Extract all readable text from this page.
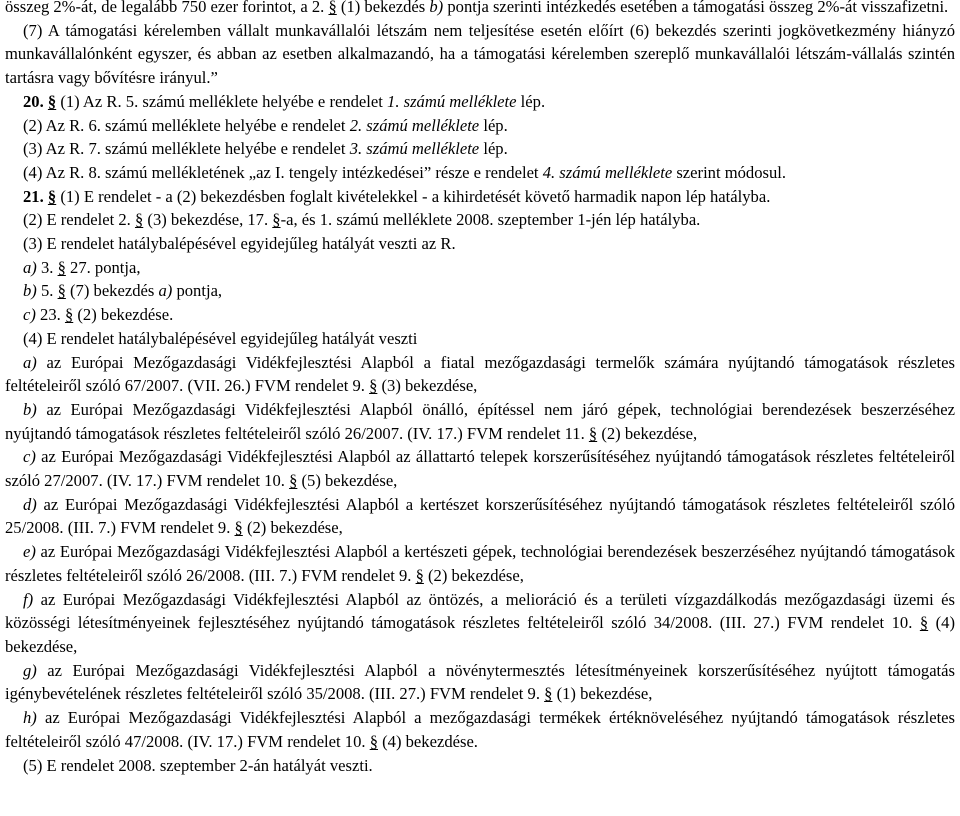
összeg 2%-át, de legalább 750 ezer forintot, a 2. § (1) bekezdés b) pontja szerinti intézkedés esetében a támogatási összeg 2%-át visszafizetni.

(7) A támogatási kérelemben vállalt munkavállalói létszám nem teljesítése esetén előírt (6) bekezdés szerinti jogkövetkezmény hiányzó munkavállalónként egyszer, és abban az esetben alkalmazandó, ha a támogatási kérelemben szereplő munkavállalói létszám-vállalás szintén tartásra vagy bővítésre irányul.”

20. § (1) Az R. 5. számú melléklete helyébe e rendelet 1. számú melléklete lép.

(2) Az R. 6. számú melléklete helyébe e rendelet 2. számú melléklete lép.

(3) Az R. 7. számú melléklete helyébe e rendelet 3. számú melléklete lép.

(4) Az R. 8. számú mellékletének „az I. tengely intézkedései” része e rendelet 4. számú melléklete szerint módosul.

21. § (1) E rendelet - a (2) bekezdésben foglalt kivételekkel - a kihirdetését követő harmadik napon lép hatályba.

(2) E rendelet 2. § (3) bekezdése, 17. §-a, és 1. számú melléklete 2008. szeptember 1-jén lép hatályba.

(3) E rendelet hatálybalépésével egyidejűleg hatályát veszti az R.

a) 3. § 27. pontja,

b) 5. § (7) bekezdés a) pontja,

c) 23. § (2) bekezdése.

(4) E rendelet hatálybalépésével egyidejűleg hatályát veszti

a) az Európai Mezőgazdasági Vidékfejlesztési Alapból a fiatal mezőgazdasági termelők számára nyújtandó támogatások részletes feltételeiről szóló 67/2007. (VII. 26.) FVM rendelet 9. § (3) bekezdése,

b) az Európai Mezőgazdasági Vidékfejlesztési Alapból önálló, építéssel nem járó gépek, technológiai berendezések beszerzéséhez nyújtandó támogatások részletes feltételeiről szóló 26/2007. (IV. 17.) FVM rendelet 11. § (2) bekezdése,

c) az Európai Mezőgazdasági Vidékfejlesztési Alapból az állattartó telepek korszerűsítéséhez nyújtandó támogatások részletes feltételeiről szóló 27/2007. (IV. 17.) FVM rendelet 10. § (5) bekezdése,

d) az Európai Mezőgazdasági Vidékfejlesztési Alapból a kertészet korszerűsítéséhez nyújtandó támogatások részletes feltételeiről szóló 25/2008. (III. 7.) FVM rendelet 9. § (2) bekezdése,

e) az Európai Mezőgazdasági Vidékfejlesztési Alapból a kertészeti gépek, technológiai berendezések beszerzéséhez nyújtandó támogatások részletes feltételeiről szóló 26/2008. (III. 7.) FVM rendelet 9. § (2) bekezdése,

f) az Európai Mezőgazdasági Vidékfejlesztési Alapból az öntözés, a melioráció és a területi vízgazdálkodás mezőgazdasági üzemi és közösségi létesítményeinek fejlesztéséhez nyújtandó támogatások részletes feltételeiről szóló 34/2008. (III. 27.) FVM rendelet 10. § (4) bekezdése,

g) az Európai Mezőgazdasági Vidékfejlesztési Alapból a növénytermesztés létesítményeinek korszerűsítéséhez nyújtott támogatás igénybevételének részletes feltételeiről szóló 35/2008. (III. 27.) FVM rendelet 9. § (1) bekezdése,

h) az Európai Mezőgazdasági Vidékfejlesztési Alapból a mezőgazdasági termékek értéknöveléséhez nyújtandó támogatások részletes feltételeiről szóló 47/2008. (IV. 17.) FVM rendelet 10. § (4) bekezdése.

(5) E rendelet 2008. szeptember 2-án hatályát veszti.
